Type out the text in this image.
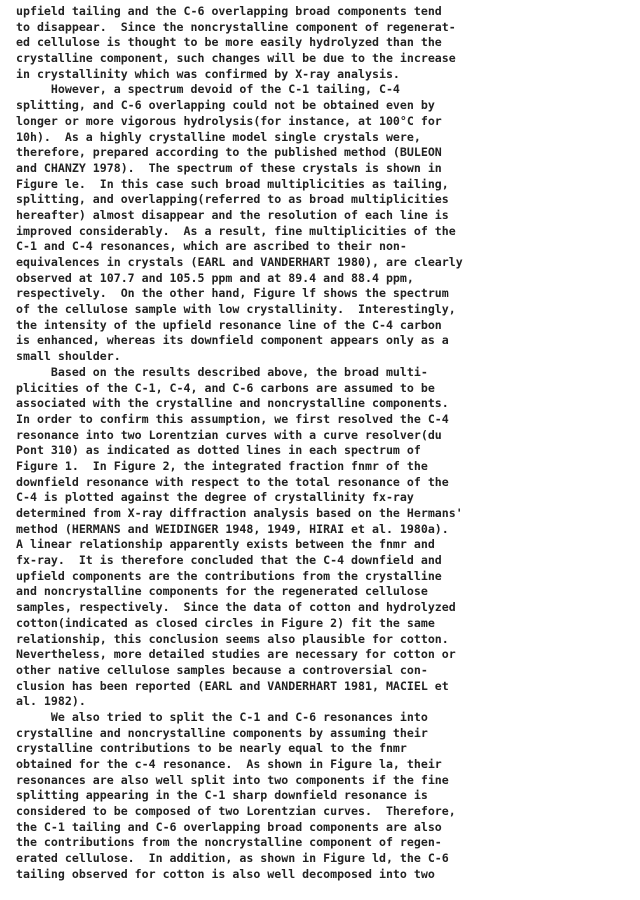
upfield tailing and the C-6 overlapping broad components tend
to disappear.  Since the noncrystalline component of regenerat-
ed cellulose is thought to be more easily hydrolyzed than the
crystalline component, such changes will be due to the increase
in crystallinity which was confirmed by X-ray analysis.
However, a spectrum devoid of the C-1 tailing, C-4
splitting, and C-6 overlapping could not be obtained even by
longer or more vigorous hydrolysis(for instance, at 100°C for
10h).  As a highly crystalline model single crystals were,
therefore, prepared according to the published method (BULEON
and CHANZY 1978).  The spectrum of these crystals is shown in
Figure le.  In this case such broad multiplicities as tailing,
splitting, and overlapping(referred to as broad multiplicities
hereafter) almost disappear and the resolution of each line is
improved considerably.  As a result, fine multiplicities of the
C-1 and C-4 resonances, which are ascribed to their non-
equivalences in crystals (EARL and VANDERHART 1980), are clearly
observed at 107.7 and 105.5 ppm and at 89.4 and 88.4 ppm,
respectively.  On the other hand, Figure lf shows the spectrum
of the cellulose sample with low crystallinity.  Interestingly,
the intensity of the upfield resonance line of the C-4 carbon
is enhanced, whereas its downfield component appears only as a
small shoulder.
Based on the results described above, the broad multi-
plicities of the C-1, C-4, and C-6 carbons are assumed to be
associated with the crystalline and noncrystalline components.
In order to confirm this assumption, we first resolved the C-4
resonance into two Lorentzian curves with a curve resolver(du
Pont 310) as indicated as dotted lines in each spectrum of
Figure 1.  In Figure 2, the integrated fraction fnmr of the
downfield resonance with respect to the total resonance of the
C-4 is plotted against the degree of crystallinity fx-ray
determined from X-ray diffraction analysis based on the Hermans'
method (HERMANS and WEIDINGER 1948, 1949, HIRAI et al. 1980a).
A linear relationship apparently exists between the fnmr and
fx-ray.  It is therefore concluded that the C-4 downfield and
upfield components are the contributions from the crystalline
and noncrystalline components for the regenerated cellulose
samples, respectively.  Since the data of cotton and hydrolyzed
cotton(indicated as closed circles in Figure 2) fit the same
relationship, this conclusion seems also plausible for cotton.
Nevertheless, more detailed studies are necessary for cotton or
other native cellulose samples because a controversial con-
clusion has been reported (EARL and VANDERHART 1981, MACIEL et
al. 1982).
We also tried to split the C-1 and C-6 resonances into
crystalline and noncrystalline components by assuming their
crystalline contributions to be nearly equal to the fnmr
obtained for the c-4 resonance.  As shown in Figure la, their
resonances are also well split into two components if the fine
splitting appearing in the C-1 sharp downfield resonance is
considered to be composed of two Lorentzian curves.  Therefore,
the C-1 tailing and C-6 overlapping broad components are also
the contributions from the noncrystalline component of regen-
erated cellulose.  In addition, as shown in Figure ld, the C-6
tailing observed for cotton is also well decomposed into two
